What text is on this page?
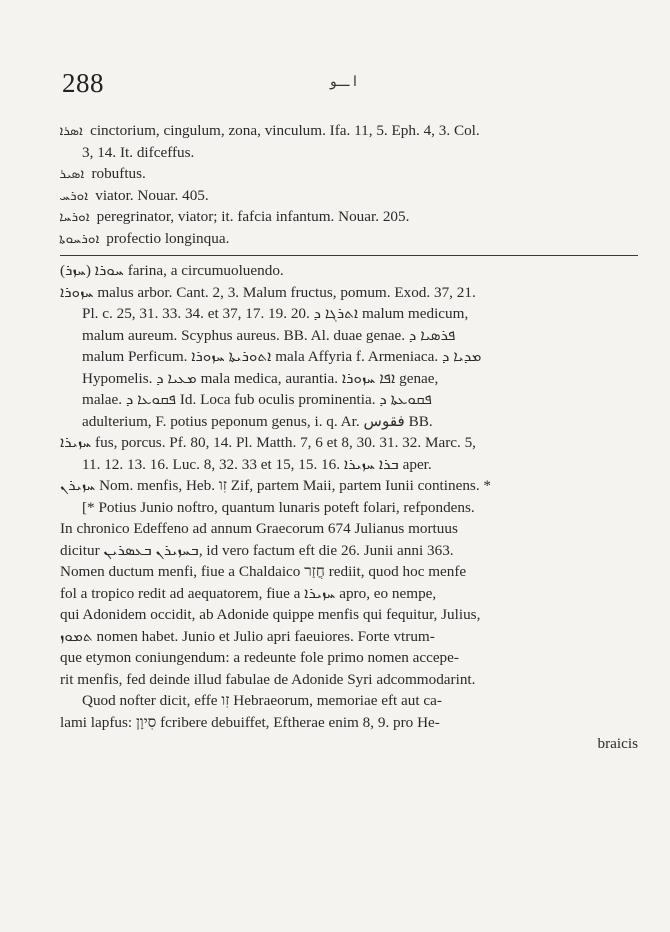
288	ا ـــو
ܐܣܪܐ cinctorium, cingulum, zona, vinculum. Ifa. 11, 5. Eph. 4, 3. Col.
3, 14. It. difceffus.
ܐܣܝܪ robuftus.
ܐܘܪܚ viator. Nouar. 405.
ܐܘܪܚܐ peregrinator, viator; it. fafcia infantum. Nouar. 205.
ܐܘܪܚܘܬܐ profectio longinqua.
(ܚܙܪ) ܚܘܪܐ farina, a circumuoluendo.
ܚܙܘܪܐ malus arbor. Cant. 2, 3. Malum fructus, pomum. Exod. 37, 21.
Pl. c. 25, 31. 33. 34. et 37, 17. 19. 20. ܐܬܪܓܐ ܕ malum medicum,
malum aureum. Scyphus aureus. BB. Al. duae genae. ܦܪܣܝܐ ܕ
malum Perficum. ܐܬܘܪܝܬܐ ܚܙܘܪܐ mala Affyria f. Armeniaca. ܡܕܝܐ ܕ
Hypomelis. ܡܥܝܐ ܕ mala medica, aurantia. ܐܦܐ ܚܙܘܪܐ genae,
malae. ܦܩܘܥܐ ܕ Id. Loca fub oculis prominentia. ܦܩܘܥܬܐ ܕ
adulterium, F. potius peponum genus, i. q. Ar. فقوس BB.
ܚܙܝܪܐ fus, porcus. Pf. 80, 14. Pl. Matth. 7, 6 et 8, 30. 31. 32. Marc. 5,
11. 12. 13. 16. Luc. 8, 32. 33 et 15, 15. 16. ܒܪܐ ܚܙܝܪܐ aper.
ܚܙܝܪܢ Nom. menfis, Heb. זִו Zif, partem Maii, partem Iunii continens. *
[* Potius Junio noftro, quantum lunaris poteft folari, refpondens.
In chronico Edeffeno ad annum Graecorum 674 Julianus mortuus
dicitur ܒܚܙܝܪܢ ܒܥܣܪܝܢ, id vero factum eft die 26. Junii anni 363.
Nomen ductum menfi, fiue a Chaldaico חֲזַר rediit, quod hoc menfe
fol a tropico redit ad aequatorem, fiue a ܚܙܝܪܐ apro, eo nempe,
qui Adonidem occidit, ab Adonide quippe menfis qui fequitur, Julius,
ܬܡܘܙ nomen habet. Junio et Julio apri faeuiores. Forte vtrum-
que etymon coniungendum: a redeunte fole primo nomen accepe-
rit menfis, fed deinde illud fabulae de Adonide Syri adcommodarint.
Quod nofter dicit, effe זִו Hebraeorum, memoriae eft aut ca-
lami lapfus: סִיוָן fcribere debuiffet, Eftherae enim 8, 9. pro He-
braicis
